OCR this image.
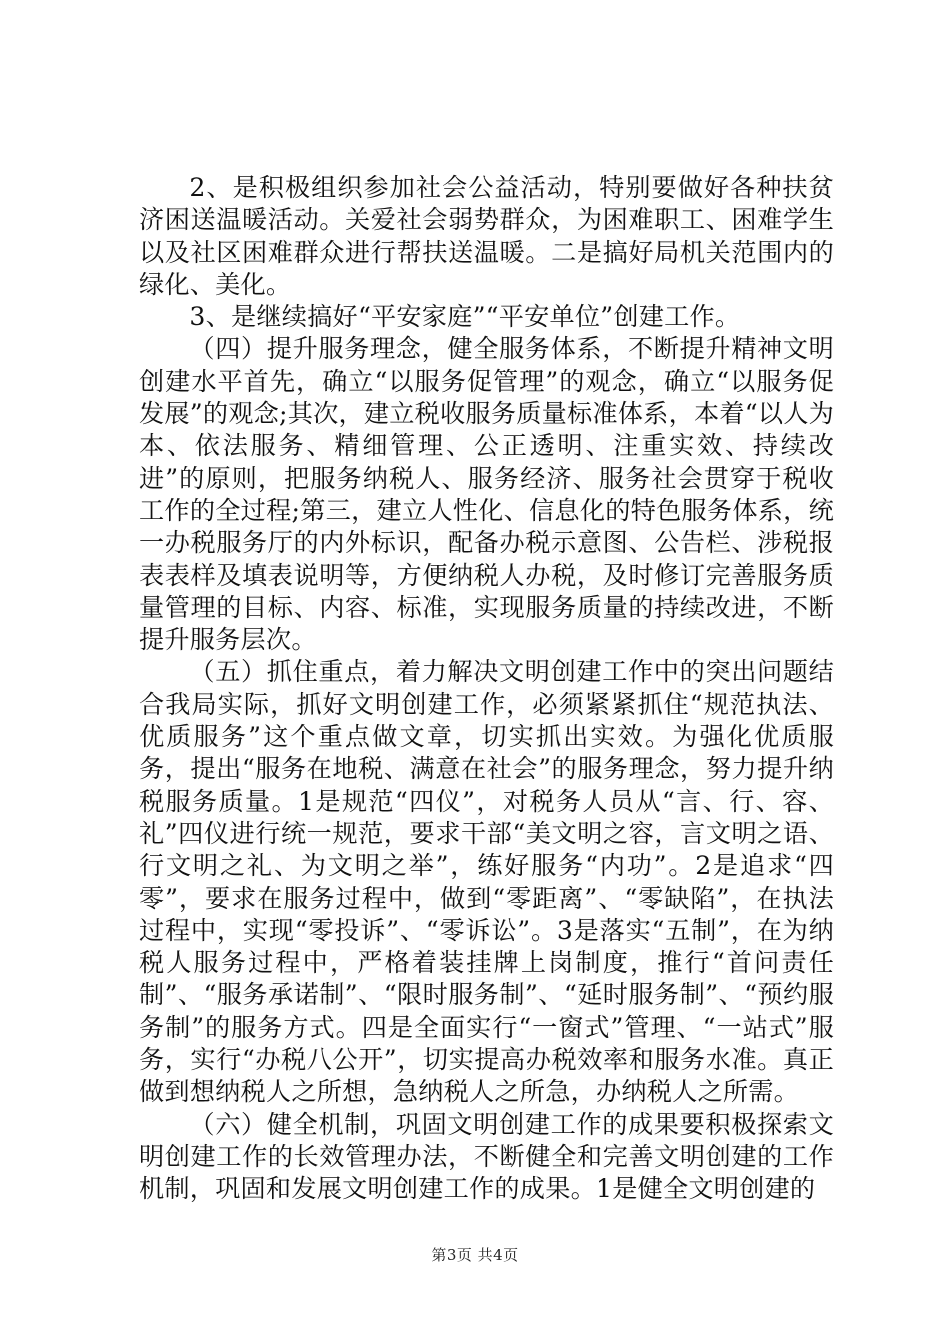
2、是积极组织参加社会公益活动，特别要做好各种扶贫济困送温暖活动。关爱社会弱势群众，为困难职工、困难学生以及社区困难群众进行帮扶送温暖。二是搞好局机关范围内的绿化、美化。

3、是继续搞好“平安家庭”“平安单位”创建工作。

（四）提升服务理念，健全服务体系，不断提升精神文明创建水平首先，确立“以服务促管理”的观念，确立“以服务促发展”的观念;其次，建立税收服务质量标准体系，本着“以人为本、依法服务、精细管理、公正透明、注重实效、持续改进”的原则，把服务纳税人、服务经济、服务社会贯穿于税收工作的全过程;第三，建立人性化、信息化的特色服务体系，统一办税服务厅的内外标识，配备办税示意图、公告栏、涉税报表表样及填表说明等，方便纳税人办税，及时修订完善服务质量管理的目标、内容、标准，实现服务质量的持续改进，不断提升服务层次。

（五）抓住重点，着力解决文明创建工作中的突出问题结合我局实际，抓好文明创建工作，必须紧紧抓住“规范执法、优质服务”这个重点做文章，切实抓出实效。为强化优质服务，提出“服务在地税、满意在社会”的服务理念，努力提升纳税服务质量。1是规范“四仪”，对税务人员从“言、行、容、礼”四仪进行统一规范，要求干部“美文明之容，言文明之语、行文明之礼、为文明之举”，练好服务“内功”。2是追求“四零”，要求在服务过程中，做到“零距离”、“零缺陷”，在执法过程中，实现“零投诉”、“零诉讼”。3是落实“五制”，在为纳税人服务过程中，严格着装挂牌上岗制度，推行“首问责任制”、“服务承诺制”、“限时服务制”、“延时服务制”、“预约服务制”的服务方式。四是全面实行“一窗式”管理、“一站式”服务，实行“办税八公开”，切实提高办税效率和服务水准。真正做到想纳税人之所想，急纳税人之所急，办纳税人之所需。

（六）健全机制，巩固文明创建工作的成果要积极探索文明创建工作的长效管理办法，不断健全和完善文明创建的工作机制，巩固和发展文明创建工作的成果。1是健全文明创建的

第3页 共4页
